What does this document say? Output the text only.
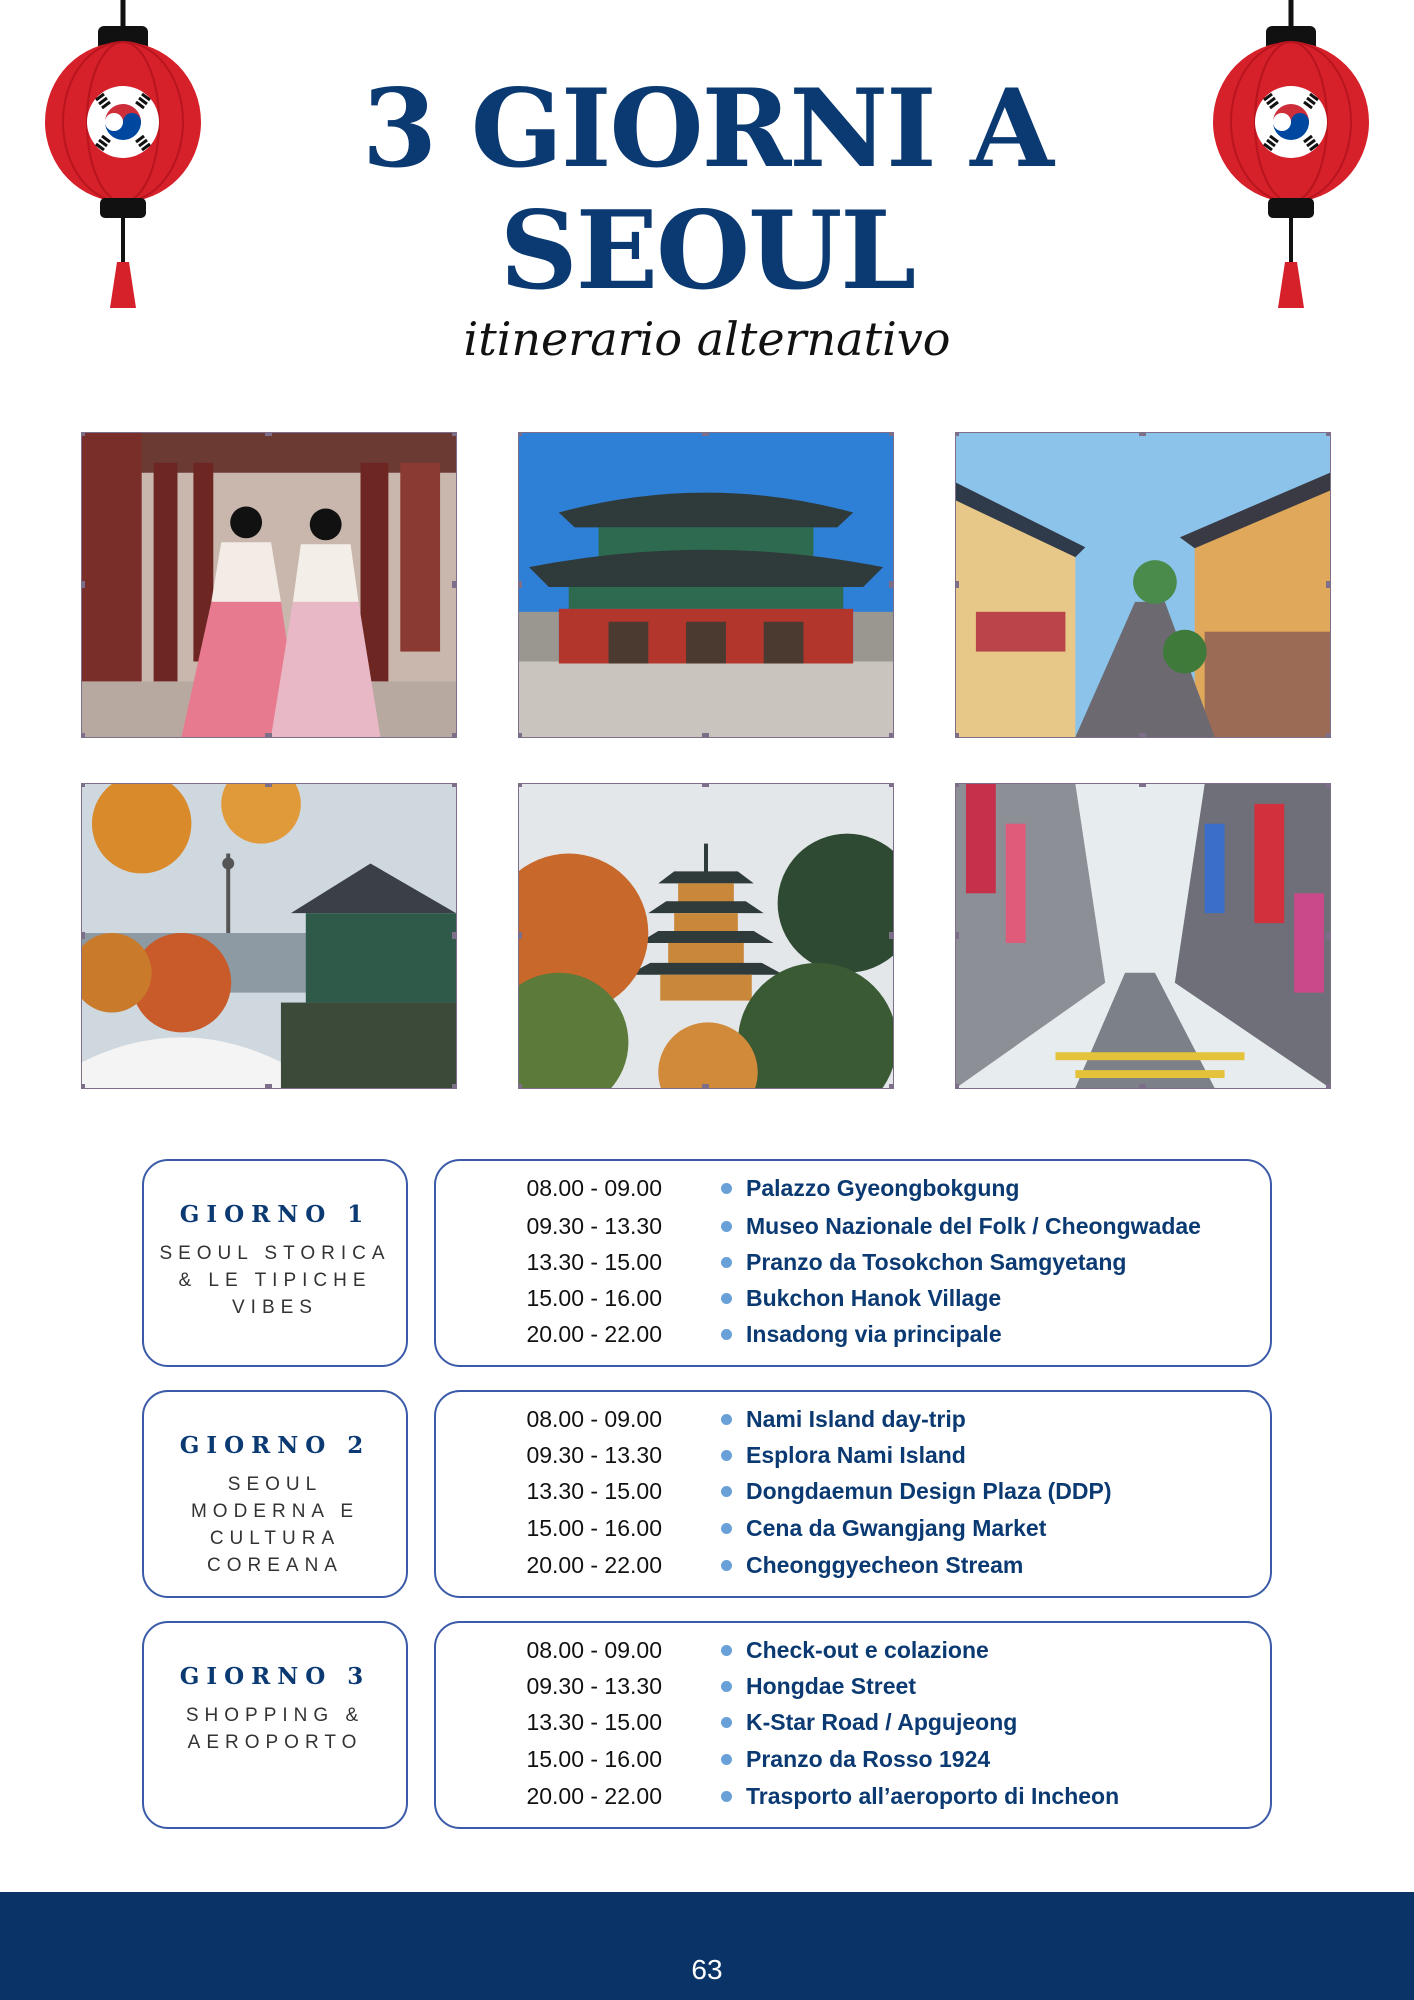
3 GIORNI A
SEOUL

itinerario alternativo

GIORNO 1
SEOUL STORICA & LE TIPICHE VIBES
08.00 - 09.00	Palazzo Gyeongbokgung
09.30 - 13.30	Museo Nazionale del Folk / Cheongwadae
13.30 - 15.00	Pranzo da Tosokchon Samgyetang
15.00 - 16.00	Bukchon Hanok Village
20.00 - 22.00	Insadong via principale
GIORNO 2
SEOUL MODERNA E CULTURA COREANA
08.00 - 09.00	Nami Island day-trip
09.30 - 13.30	Esplora Nami Island
13.30 - 15.00	Dongdaemun Design Plaza (DDP)
15.00 - 16.00	Cena da Gwangjang Market
20.00 - 22.00	Cheonggyecheon Stream
GIORNO 3
SHOPPING & AEROPORTO
08.00 - 09.00	Check-out e colazione
09.30 - 13.30	Hongdae Street
13.30 - 15.00	K-Star Road / Apgujeong
15.00 - 16.00	Pranzo da Rosso 1924
20.00 - 22.00	Trasporto all’aeroporto di Incheon
63
